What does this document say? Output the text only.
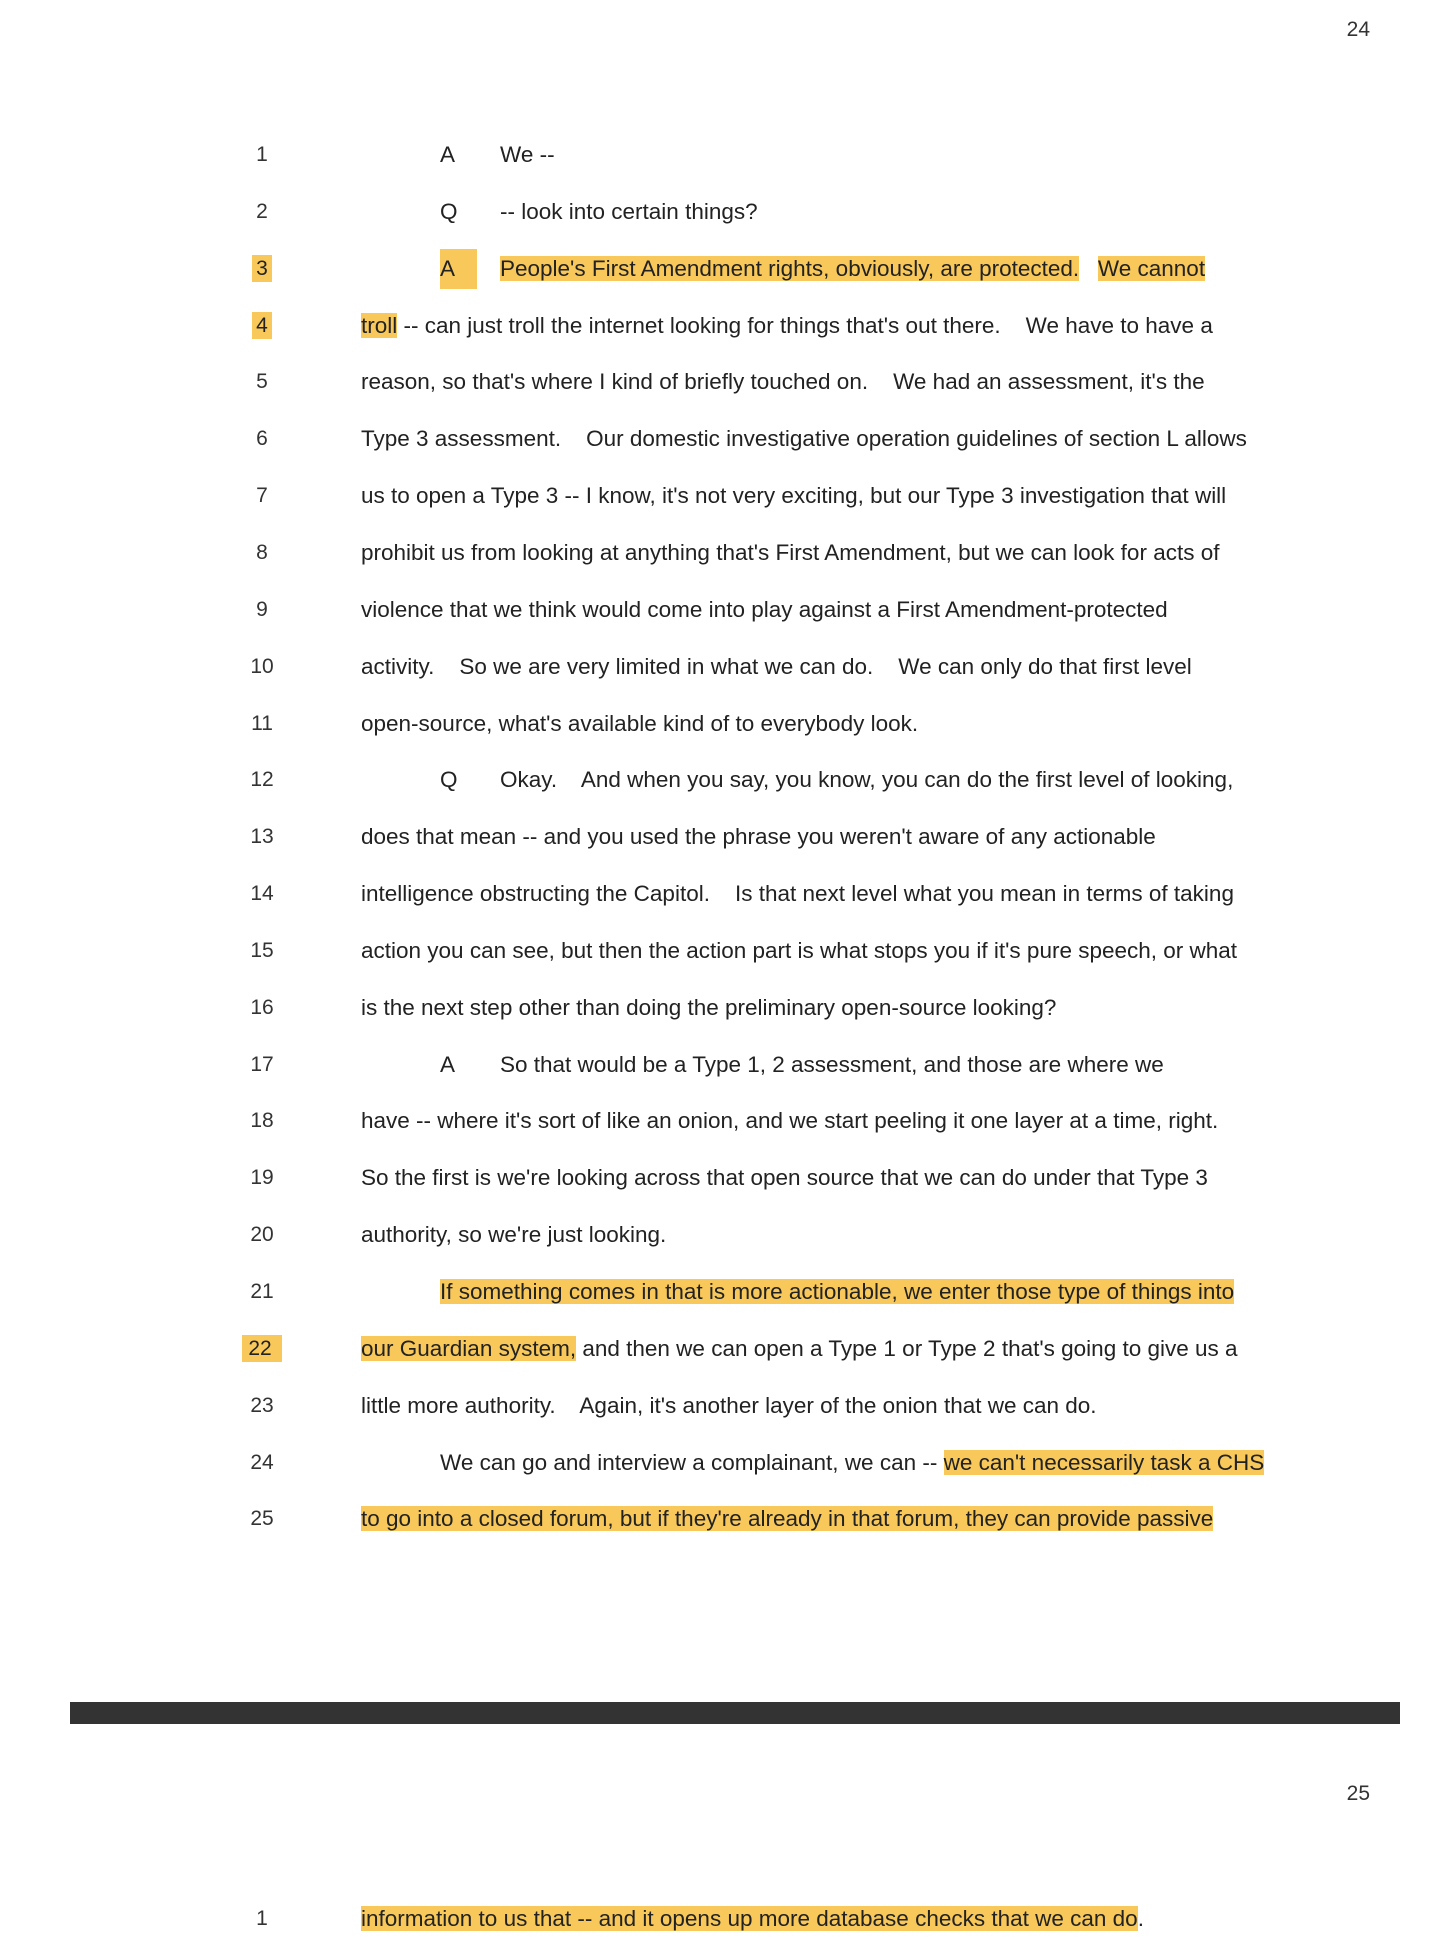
24
1	A We --
2	Q -- look into certain things?
3	A	People's First Amendment rights, obviously, are protected. We cannot
4	troll -- can just troll the internet looking for things that's out there.    We have to have a
5	reason, so that's where I kind of briefly touched on.    We had an assessment, it's the
6	Type 3 assessment.    Our domestic investigative operation guidelines of section L allows
7	us to open a Type 3 -- I know, it's not very exciting, but our Type 3 investigation that will
8	prohibit us from looking at anything that's First Amendment, but we can look for acts of
9	violence that we think would come into play against a First Amendment-protected
10	activity.    So we are very limited in what we can do.    We can only do that first level
11	open-source, what's available kind of to everybody look.
12	Q Okay.    And when you say, you know, you can do the first level of looking,
13	does that mean -- and you used the phrase you weren't aware of any actionable
14	intelligence obstructing the Capitol.    Is that next level what you mean in terms of taking
15	action you can see, but then the action part is what stops you if it's pure speech, or what
16	is the next step other than doing the preliminary open-source looking?
17	A So that would be a Type 1, 2 assessment, and those are where we
18	have -- where it's sort of like an onion, and we start peeling it one layer at a time, right.
19	So the first is we're looking across that open source that we can do under that Type 3
20	authority, so we're just looking.
21	If something comes in that is more actionable, we enter those type of things into
22	our Guardian system, and then we can open a Type 1 or Type 2 that's going to give us a
23	little more authority.    Again, it's another layer of the onion that we can do.
24	We can go and interview a complainant, we can -- we can't necessarily task a CHS
25	to go into a closed forum, but if they're already in that forum, they can provide passive
25
1	information to us that -- and it opens up more database checks that we can do.
